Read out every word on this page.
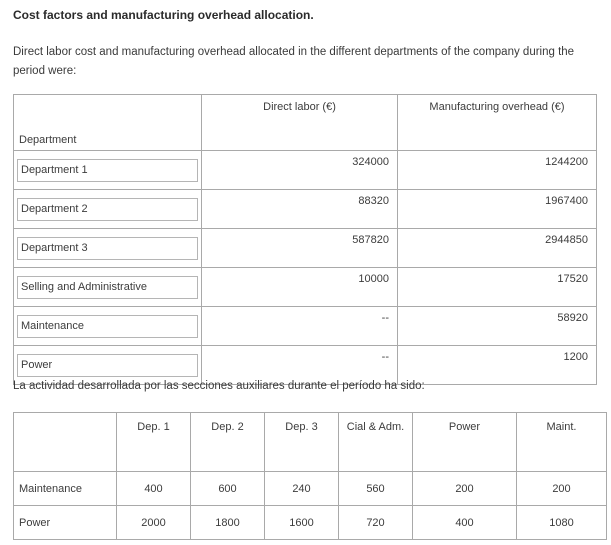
Cost factors and manufacturing overhead allocation.
Direct labor cost and manufacturing overhead allocated in the different departments of the company during the period were:
Department	Direct labor (€)	Manufacturing overhead (€)

Department 1	324000	1244200

Department 2	88320	1967400

Department 3	587820	2944850

Selling and Administrative	10000	17520

Maintenance	--	58920

Power	--	1200
La actividad desarrollada por las secciones auxiliares durante el período ha sido:
	Dep. 1	Dep. 2	Dep. 3	Cial & Adm.	Power	Maint.
Maintenance	400	600	240	560	200	200
Power	2000	1800	1600	720	400	1080
